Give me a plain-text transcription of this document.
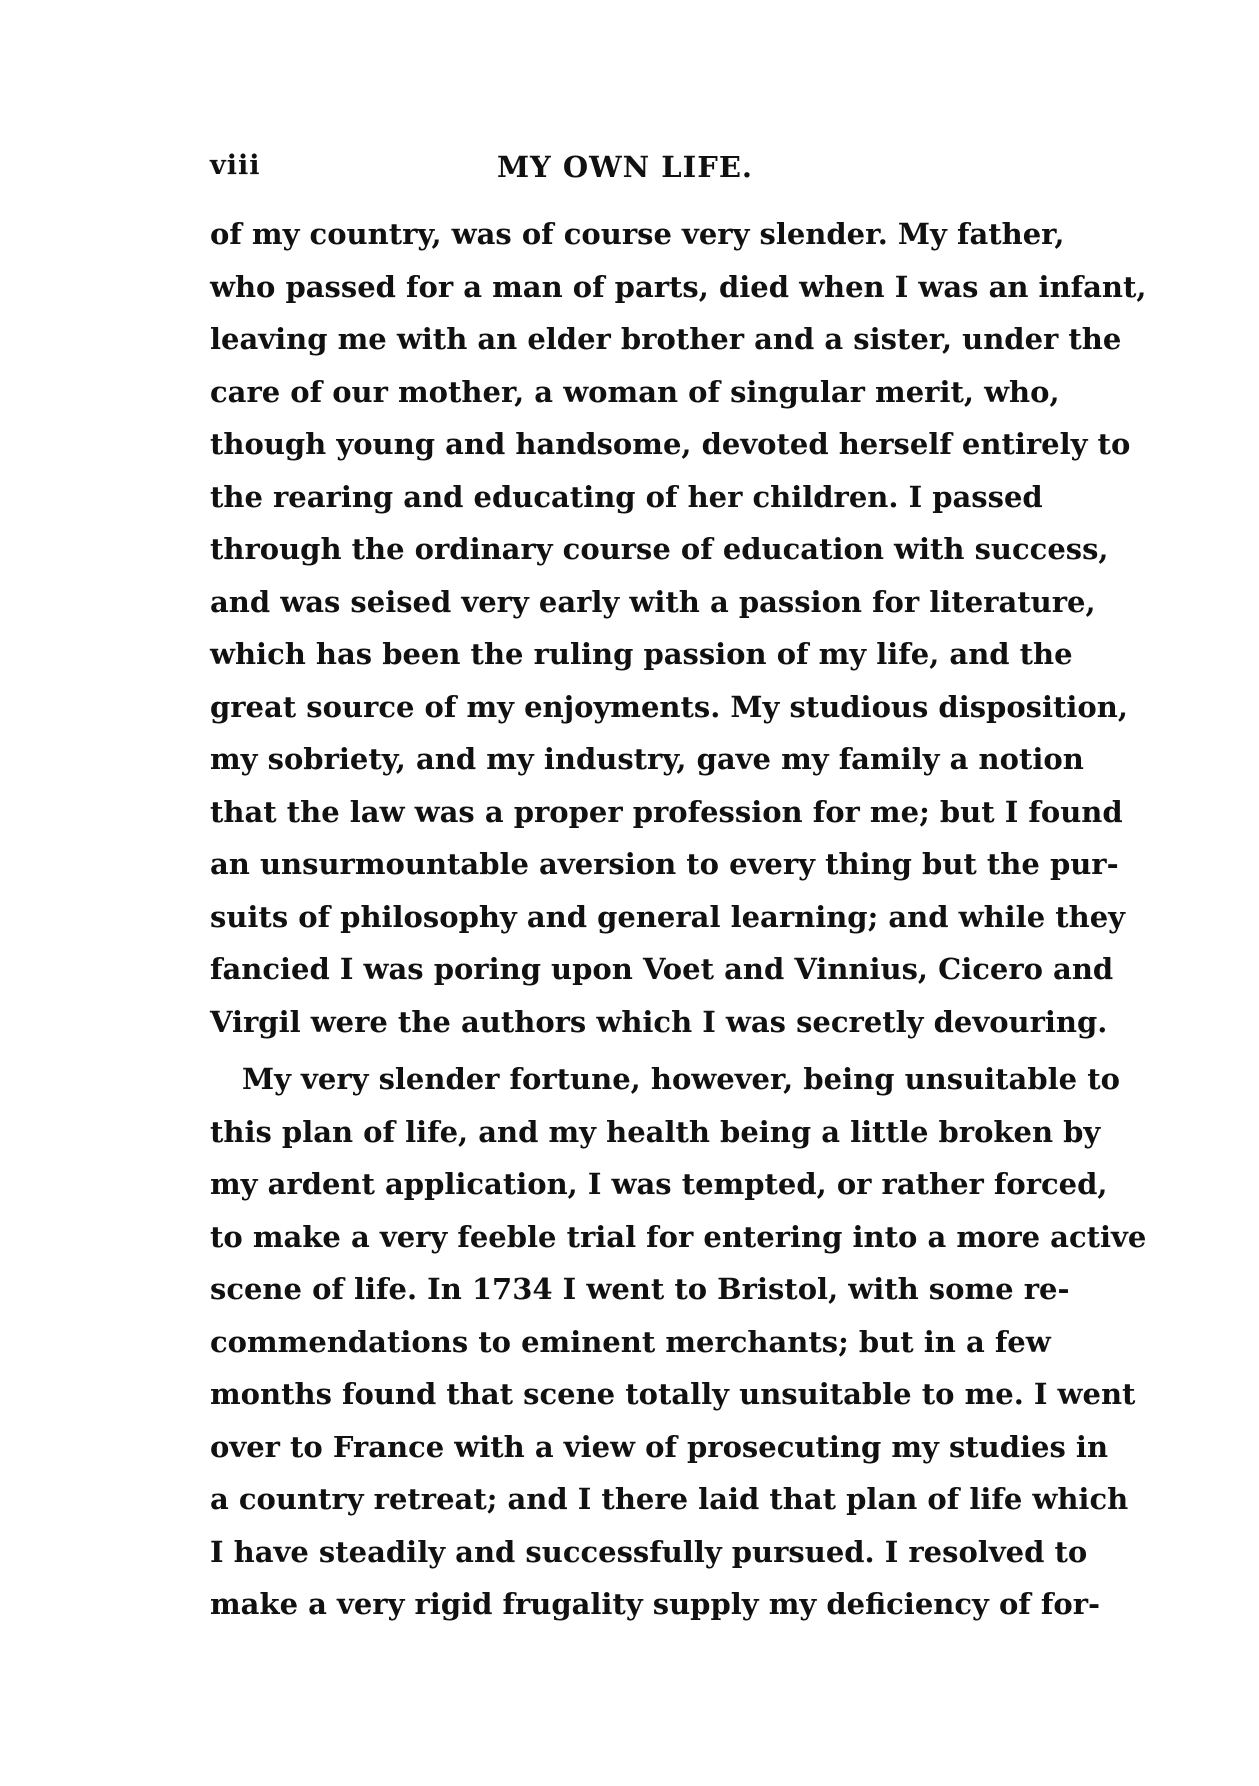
viii	MY OWN LIFE.
of my country, was of course very slender. My father,
who passed for a man of parts, died when I was an infant,
leaving me with an elder brother and a sister, under the
care of our mother, a woman of singular merit, who,
though young and handsome, devoted herself entirely to
the rearing and educating of her children. I passed
through the ordinary course of education with success,
and was seised very early with a passion for literature,
which has been the ruling passion of my life, and the
great source of my enjoyments. My studious disposition,
my sobriety, and my industry, gave my family a notion
that the law was a proper profession for me; but I found
an unsurmountable aversion to every thing but the pur-
suits of philosophy and general learning; and while they
fancied I was poring upon Voet and Vinnius, Cicero and
Virgil were the authors which I was secretly devouring.
My very slender fortune, however, being unsuitable to
this plan of life, and my health being a little broken by
my ardent application, I was tempted, or rather forced,
to make a very feeble trial for entering into a more active
scene of life. In 1734 I went to Bristol, with some re-
commendations to eminent merchants; but in a few
months found that scene totally unsuitable to me. I went
over to France with a view of prosecuting my studies in
a country retreat; and I there laid that plan of life which
I have steadily and successfully pursued. I resolved to
make a very rigid frugality supply my deficiency of for-
